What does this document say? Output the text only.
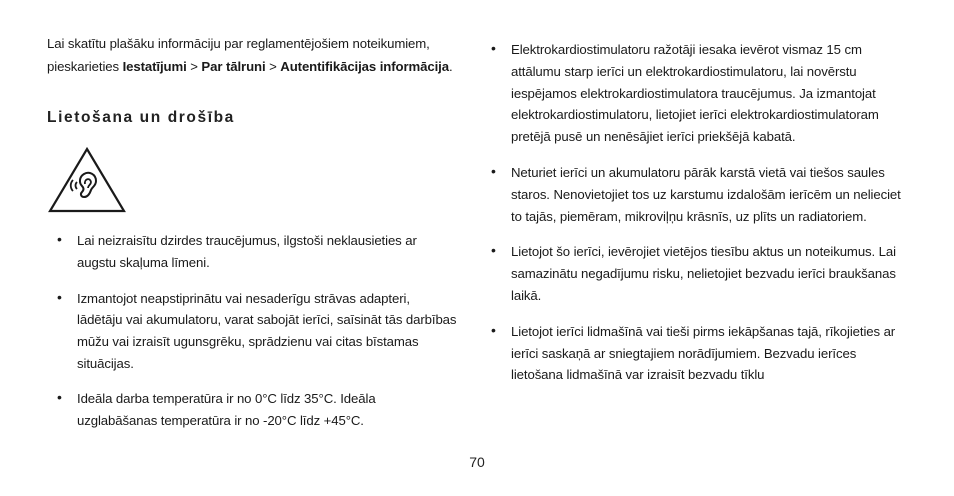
Lai skatītu plašāku informāciju par reglamentējošiem noteikumiem, pieskarieties Iestatījumi > Par tālruni > Autentifikācijas informācija.

Lietošana un drošība
• Lai neizraisītu dzirdes traucējumus, ilgstoši neklausieties ar augstu skaļuma līmeni.
• Izmantojot neapstiprinātu vai nesaderīgu strāvas adapteri, lādētāju vai akumulatoru, varat sabojāt ierīci, saīsināt tās darbības mūžu vai izraisīt ugunsgrēku, sprādzienu vai citas bīstamas situācijas.
• Ideāla darba temperatūra ir no 0°C līdz 35°C. Ideāla uzglabāšanas temperatūra ir no -20°C līdz +45°C.
• Elektrokardiostimulatoru ražotāji iesaka ievērot vismaz 15 cm attālumu starp ierīci un elektrokardiostimulatoru, lai novērstu iespējamos elektrokardiostimulatora traucējumus. Ja izmantojat elektrokardiostimulatoru, lietojiet ierīci elektrokardiostimulatoram pretējā pusē un nenēsājiet ierīci priekšējā kabatā.
• Neturiet ierīci un akumulatoru pārāk karstā vietā vai tiešos saules staros. Nenovietojiet tos uz karstumu izdalošām ierīcēm un nelieciet to tajās, piemēram, mikroviļņu krāsnīs, uz plīts un radiatoriem.
• Lietojot šo ierīci, ievērojiet vietējos tiesību aktus un noteikumus. Lai samazinātu negadījumu risku, nelietojiet bezvadu ierīci braukšanas laikā.
• Lietojot ierīci lidmašīnā vai tieši pirms iekāpšanas tajā, rīkojieties ar ierīci saskaņā ar sniegtajiem norādījumiem. Bezvadu ierīces lietošana lidmašīnā var izraisīt bezvadu tīklu
70
